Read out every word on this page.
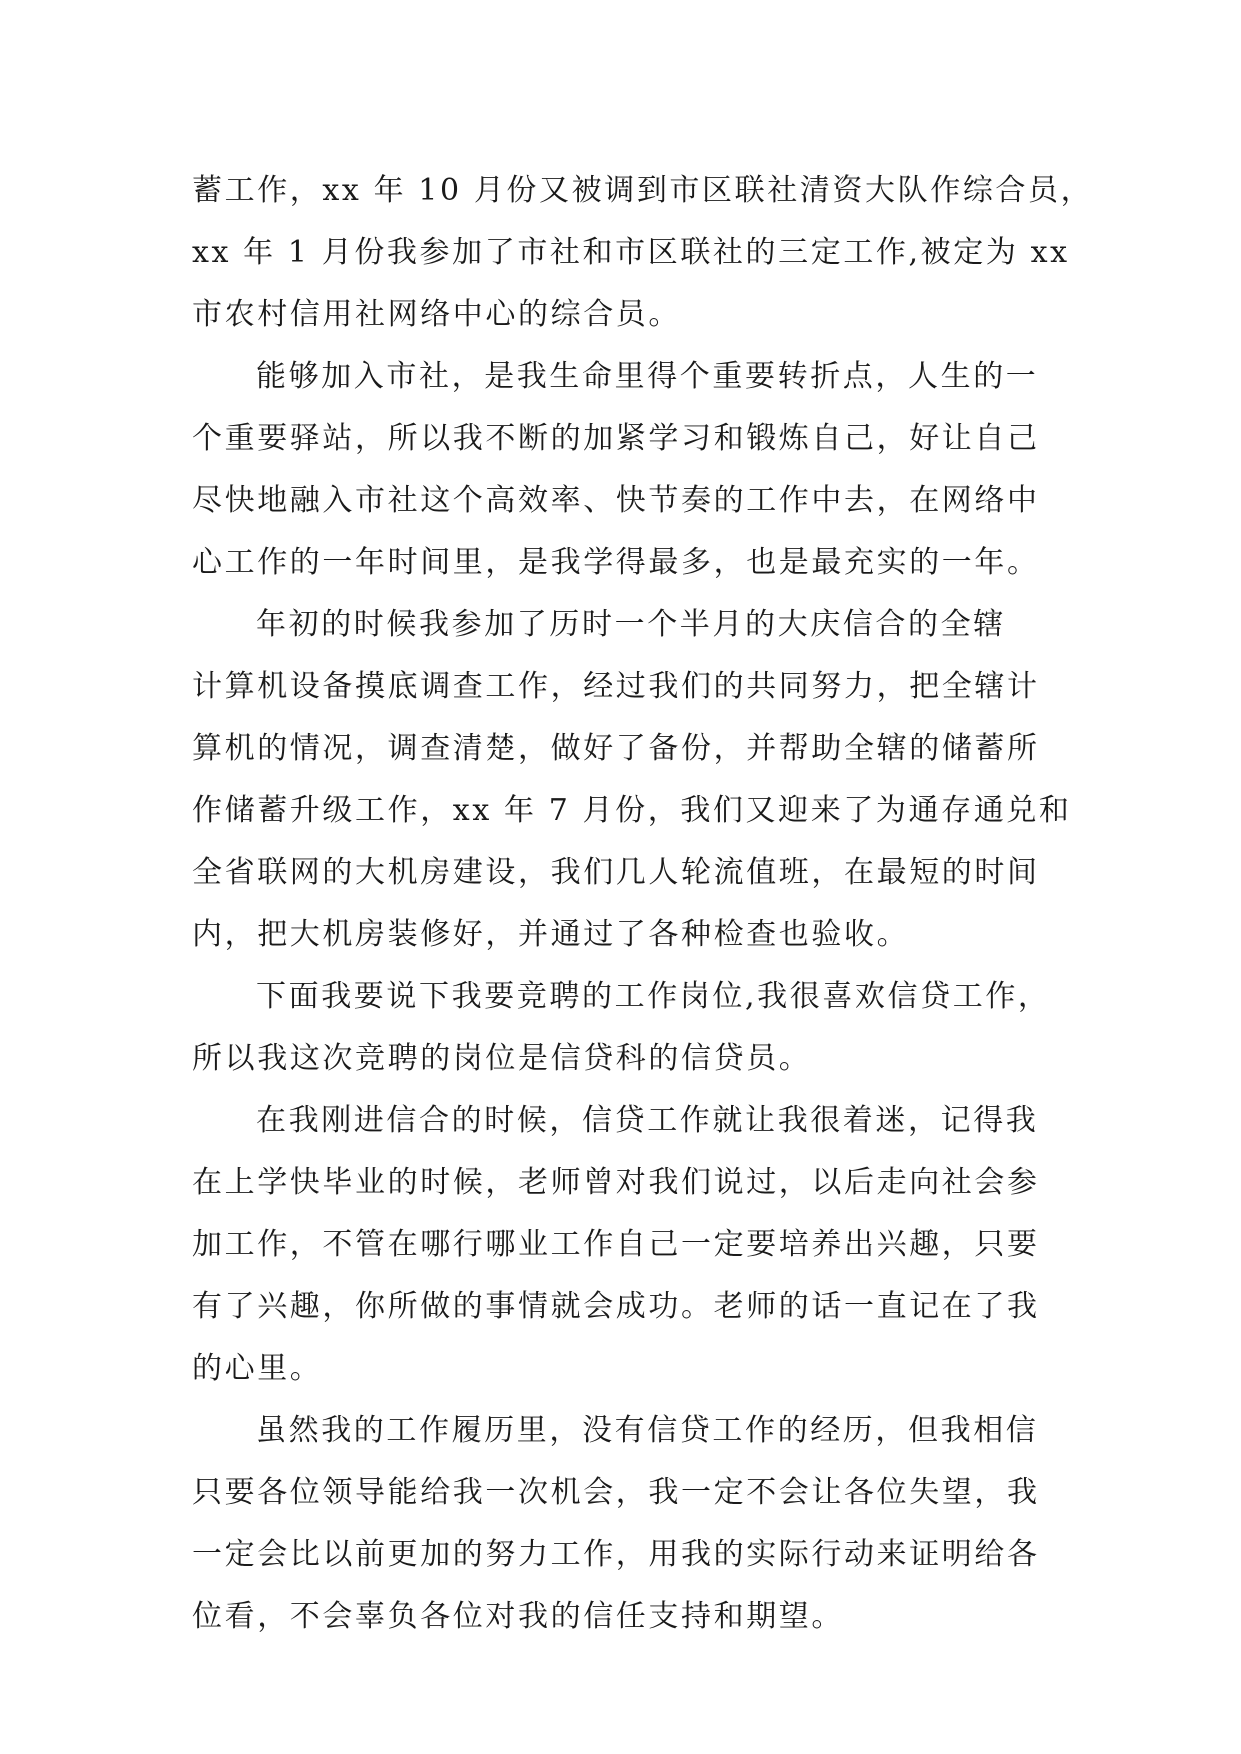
蓄工作，xx 年 10 月份又被调到市区联社清资大队作综合员，
xx 年 1 月份我参加了市社和市区联社的三定工作,被定为 xx
市农村信用社网络中心的综合员。
能够加入市社，是我生命里得个重要转折点，人生的一
个重要驿站，所以我不断的加紧学习和锻炼自己，好让自己
尽快地融入市社这个高效率、快节奏的工作中去，在网络中
心工作的一年时间里，是我学得最多，也是最充实的一年。
年初的时候我参加了历时一个半月的大庆信合的全辖
计算机设备摸底调查工作，经过我们的共同努力，把全辖计
算机的情况，调查清楚，做好了备份，并帮助全辖的储蓄所
作储蓄升级工作，xx 年 7 月份，我们又迎来了为通存通兑和
全省联网的大机房建设，我们几人轮流值班，在最短的时间
内，把大机房装修好，并通过了各种检查也验收。
下面我要说下我要竞聘的工作岗位,我很喜欢信贷工作，
所以我这次竞聘的岗位是信贷科的信贷员。
在我刚进信合的时候，信贷工作就让我很着迷，记得我
在上学快毕业的时候，老师曾对我们说过，以后走向社会参
加工作，不管在哪行哪业工作自己一定要培养出兴趣，只要
有了兴趣，你所做的事情就会成功。老师的话一直记在了我
的心里。
虽然我的工作履历里，没有信贷工作的经历，但我相信
只要各位领导能给我一次机会，我一定不会让各位失望，我
一定会比以前更加的努力工作，用我的实际行动来证明给各
位看，不会辜负各位对我的信任支持和期望。
